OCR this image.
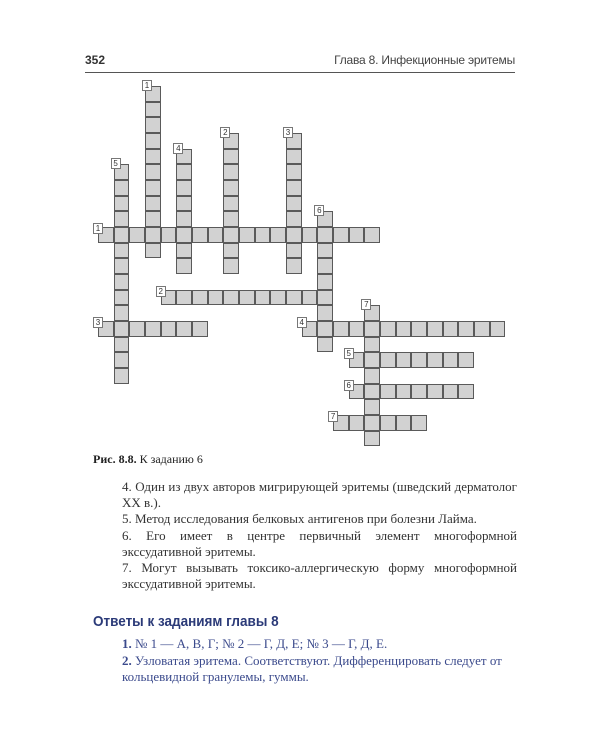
352	Глава 8. Инфекционные эритемы
1
2	3
4
5
6
7
1
2
3	4
5
6
7
Рис. 8.8. К заданию 6

4. Один из двух авторов мигрирующей эритемы (шведский дерматолог XX в.).

5. Метод исследования белковых антигенов при болезни Лайма.

6. Его имеет в центре первичный элемент многоформной экссудативной эритемы.

7. Могут вызывать токсико-аллергическую форму многоформной экссудативной эритемы.

Ответы к заданиям главы 8

1. № 1 — А, В, Г; № 2 — Г, Д, Е; № 3 — Г, Д, Е.

2. Узловатая эритема. Соответствуют. Дифференцировать следует от кольцевидной гранулемы, гуммы.
